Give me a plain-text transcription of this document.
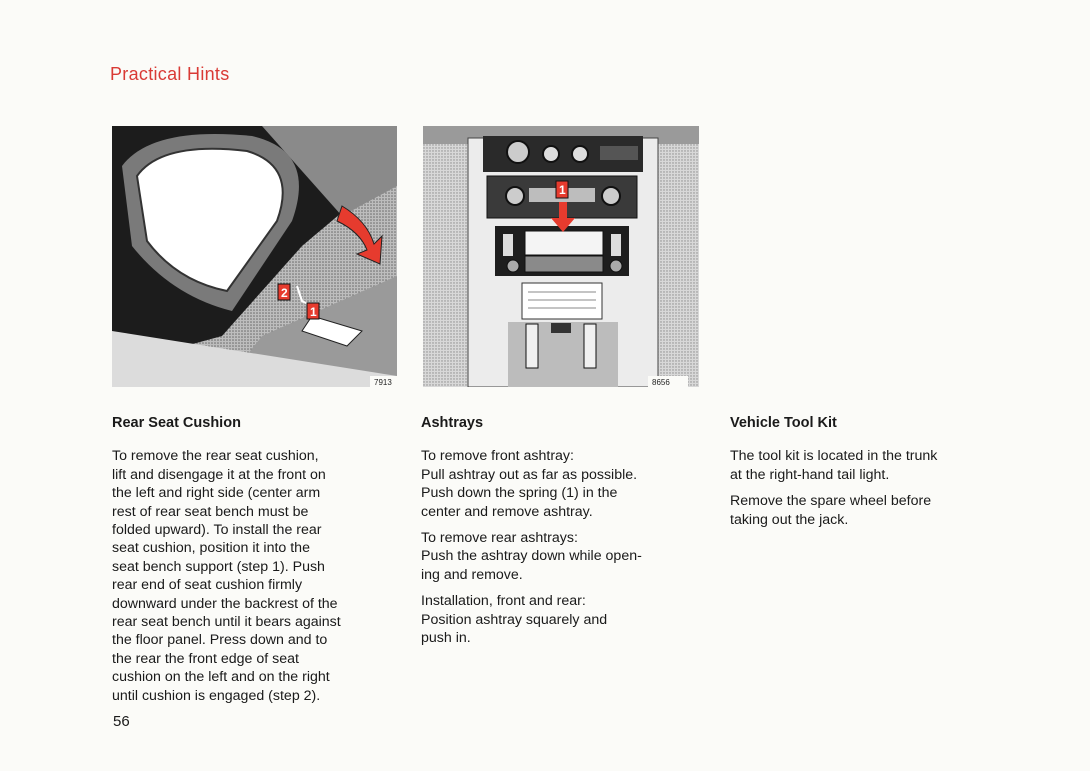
Practical Hints
2
1
7913
1
8656
Rear Seat Cushion

To remove the rear seat cushion,
lift and disengage it at the front on
the left and right side (center arm
rest of rear seat bench must be
folded upward). To install the rear
seat cushion, position it into the
seat bench support (step 1). Push
rear end of seat cushion firmly
downward under the backrest of the
rear seat bench until it bears against
the floor panel. Press down and to
the rear the front edge of seat
cushion on the left and on the right
until cushion is engaged (step 2).

Ashtrays

To remove front ashtray:
Pull ashtray out as far as possible.
Push down the spring (1) in the
center and remove ashtray.

To remove rear ashtrays:
Push the ashtray down while open-
ing and remove.

Installation, front and rear:
Position ashtray squarely and
push in.

Vehicle Tool Kit

The tool kit is located in the trunk
at the right-hand tail light.

Remove the spare wheel before
taking out the jack.

56
